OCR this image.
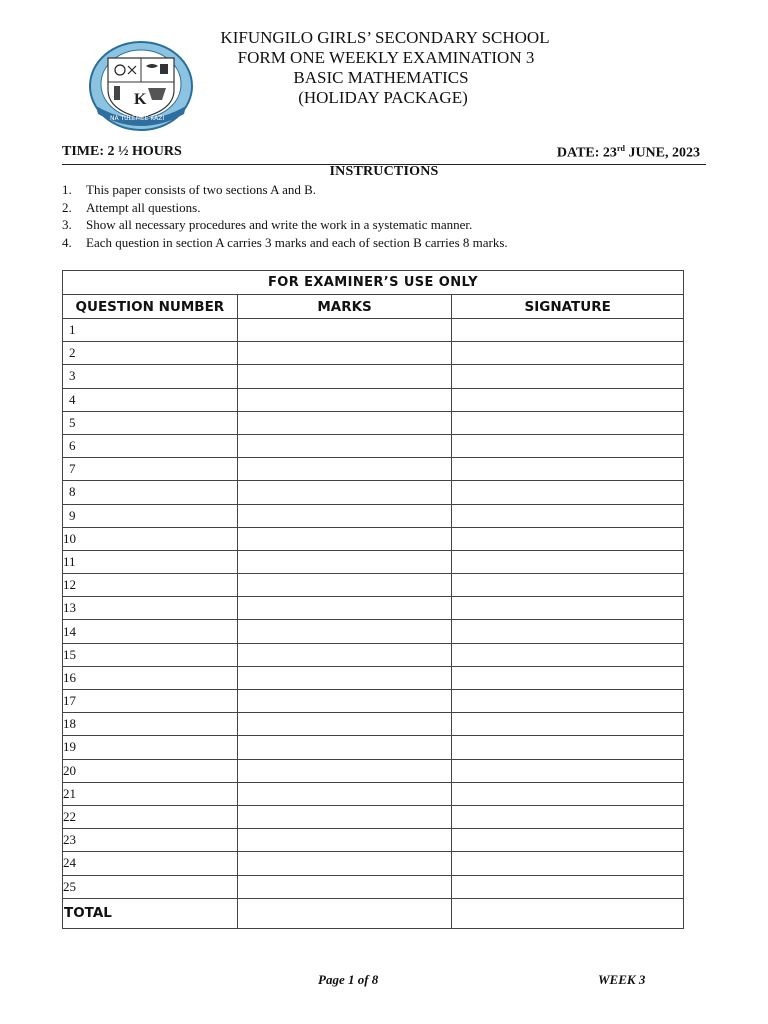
K
NA TULEMEE KAZI
KIFUNGILO GIRLS’ SECONDARY SCHOOL
FORM ONE WEEKLY EXAMINATION 3
BASIC MATHEMATICS
(HOLIDAY PACKAGE)
TIME: 2 ½ HOURS	DATE: 23rd JUNE, 2023
INSTRUCTIONS
1. This paper consists of two sections A and B.
2. Attempt all questions.
3. Show all necessary procedures and write the work in a systematic manner.
4. Each question in section A carries 3 marks and each of section B carries 8 marks.
FOR EXAMINER’S USE ONLY		
QUESTION NUMBER	MARKS	SIGNATURE
1		
2		
3		
4		
5		
6		
7		
8		
9		
10		
11		
12		
13		
14		
15		
16		
17		
18		
19		
20		
21		
22		
23		
24		
25		
TOTAL		
Page 1 of 8	WEEK 3
